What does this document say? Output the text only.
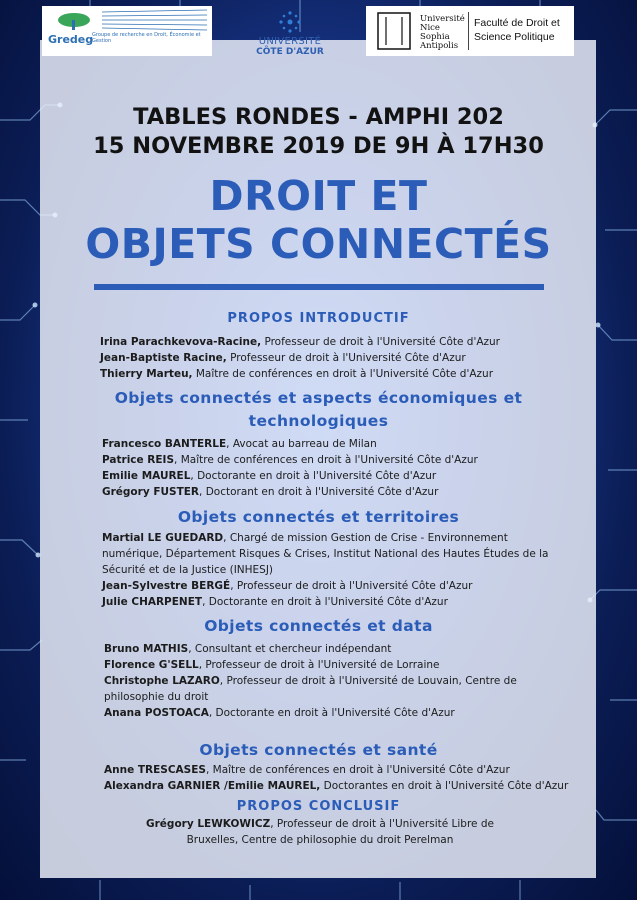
Gredeg
Groupe de recherche en Droit, Économie et Gestion	UNIVERSITÉ
CÔTE D'AZUR
Université Nice Sophia Antipolis
Faculté de Droit et Science Politique
TABLES RONDES - AMPHI 202
15 NOVEMBRE 2019 DE 9H À 17H30
DROIT ET
OBJETS CONNECTÉS
PROPOS INTRODUCTIF
Irina Parachkevova-Racine, Professeur de droit à l'Université Côte d'Azur
Jean-Baptiste Racine, Professeur de droit à l'Université Côte d'Azur
Thierry Marteu, Maître de conférences en droit à l'Université Côte d'Azur
Objets connectés et aspects économiques et
technologiques
Francesco BANTERLE, Avocat au barreau de Milan
Patrice REIS, Maître de conférences en droit à l'Université Côte d'Azur
Emilie MAUREL, Doctorante en droit à l'Université Côte d'Azur
Grégory FUSTER, Doctorant en droit à l'Université Côte d'Azur
Objets connectés et territoires
Martial LE GUEDARD, Chargé de mission Gestion de Crise - Environnement numérique, Département Risques & Crises, Institut National des Hautes Études de la Sécurité et de la Justice (INHESJ)
Jean-Sylvestre BERGÉ, Professeur de droit à l'Université Côte d'Azur
Julie CHARPENET, Doctorante en droit à l'Université Côte d'Azur
Objets connectés et data
Bruno MATHIS, Consultant et chercheur indépendant
Florence G'SELL, Professeur de droit à l'Université de Lorraine
Christophe LAZARO, Professeur de droit à l'Université de Louvain, Centre de philosophie du droit
Anana POSTOACA, Doctorante en droit à l'Université Côte d'Azur
Objets connectés et santé
Anne TRESCASES, Maître de conférences en droit à l'Université Côte d'Azur
Alexandra GARNIER /Emilie MAUREL, Doctorantes en droit à l'Université Côte d'Azur
PROPOS CONCLUSIF
Grégory LEWKOWICZ, Professeur de droit à l'Université Libre de Bruxelles, Centre de philosophie du droit Perelman
